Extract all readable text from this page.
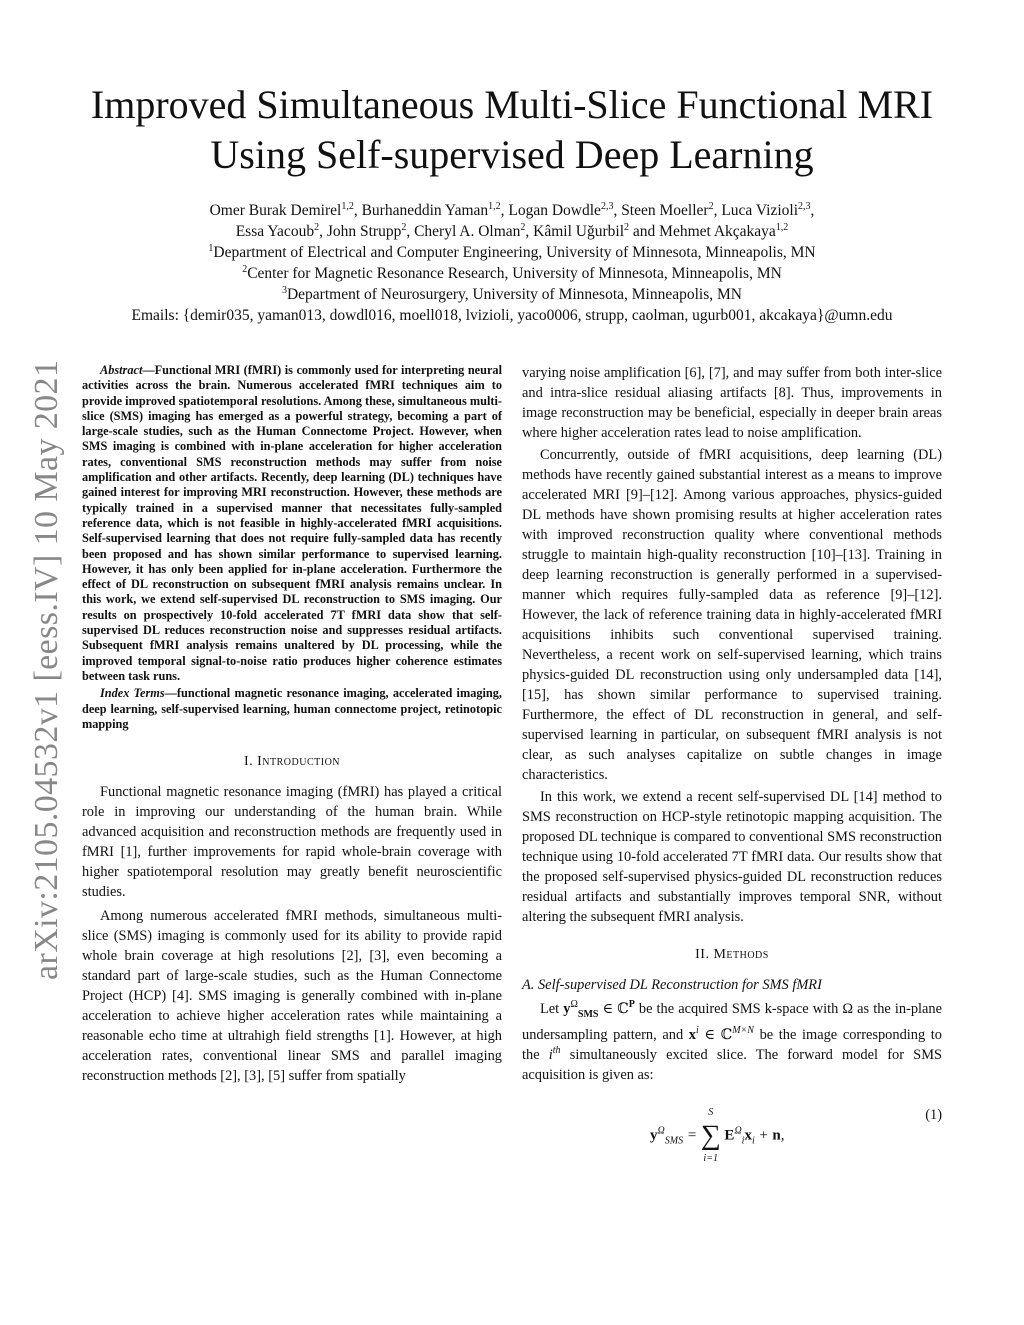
Improved Simultaneous Multi-Slice Functional MRI
Using Self-supervised Deep Learning

Omer Burak Demirel$^{1,2}$, Burhaneddin Yaman$^{1,2}$, Logan Dowdle$^{2,3}$, Steen Moeller$^2$, Luca Vizioli$^{2,3}$,

Essa Yacoub$^2$, John Strupp$^2$, Cheryl A. Olman$^2$, Kâmil Uğurbil$^2$ and Mehmet Akçakaya$^{1,2}$

$^1$Department of Electrical and Computer Engineering, University of Minnesota, Minneapolis, MN

$^2$Center for Magnetic Resonance Research, University of Minnesota, Minneapolis, MN

$^3$Department of Neurosurgery, University of Minnesota, Minneapolis, MN

Emails: {demir035, yaman013, dowdl016, moell018, lvizioli, yaco0006, strupp, caolman, ugurb001, akcakaya}@umn.edu

arXiv:2105.04532v1 [eess.IV] 10 May 2021	Abstract—Functional MRI (fMRI) is commonly used for interpreting neural activities across the brain. Numerous accelerated fMRI techniques aim to provide improved spatiotemporal resolutions. Among these, simultaneous multi-slice (SMS) imaging has emerged as a powerful strategy, becoming a part of large-scale studies, such as the Human Connectome Project. However, when SMS imaging is combined with in-plane acceleration for higher acceleration rates, conventional SMS reconstruction methods may suffer from noise amplification and other artifacts. Recently, deep learning (DL) techniques have gained interest for improving MRI reconstruction. However, these methods are typically trained in a supervised manner that necessitates fully-sampled reference data, which is not feasible in highly-accelerated fMRI acquisitions. Self-supervised learning that does not require fully-sampled data has recently been proposed and has shown similar performance to supervised learning. However, it has only been applied for in-plane acceleration. Furthermore the effect of DL reconstruction on subsequent fMRI analysis remains unclear. In this work, we extend self-supervised DL reconstruction to SMS imaging. Our results on prospectively 10-fold accelerated 7T fMRI data show that self-supervised DL reduces reconstruction noise and suppresses residual artifacts. Subsequent fMRI analysis remains unaltered by DL processing, while the improved temporal signal-to-noise ratio produces higher coherence estimates between task runs.

Index Terms—functional magnetic resonance imaging, accelerated imaging, deep learning, self-supervised learning, human connectome project, retinotopic mapping

I. Introduction

Functional magnetic resonance imaging (fMRI) has played a critical role in improving our understanding of the human brain. While advanced acquisition and reconstruction methods are frequently used in fMRI [1], further improvements for rapid whole-brain coverage with higher spatiotemporal resolution may greatly benefit neuroscientific studies.

Among numerous accelerated fMRI methods, simultaneous multi-slice (SMS) imaging is commonly used for its ability to provide rapid whole brain coverage at high resolutions [2], [3], even becoming a standard part of large-scale studies, such as the Human Connectome Project (HCP) [4]. SMS imaging is generally combined with in-plane acceleration to achieve higher acceleration rates while maintaining a reasonable echo time at ultrahigh field strengths [1]. However, at high acceleration rates, conventional linear SMS and parallel imaging reconstruction methods [2], [3], [5] suffer from spatially

varying noise amplification [6], [7], and may suffer from both inter-slice and intra-slice residual aliasing artifacts [8]. Thus, improvements in image reconstruction may be beneficial, especially in deeper brain areas where higher acceleration rates lead to noise amplification.

Concurrently, outside of fMRI acquisitions, deep learning (DL) methods have recently gained substantial interest as a means to improve accelerated MRI [9]–[12]. Among various approaches, physics-guided DL methods have shown promising results at higher acceleration rates with improved reconstruction quality where conventional methods struggle to maintain high-quality reconstruction [10]–[13]. Training in deep learning reconstruction is generally performed in a supervised-manner which requires fully-sampled data as reference [9]–[12]. However, the lack of reference training data in highly-accelerated fMRI acquisitions inhibits such conventional supervised training. Nevertheless, a recent work on self-supervised learning, which trains physics-guided DL reconstruction using only undersampled data [14], [15], has shown similar performance to supervised training. Furthermore, the effect of DL reconstruction in general, and self-supervised learning in particular, on subsequent fMRI analysis is not clear, as such analyses capitalize on subtle changes in image characteristics.

In this work, we extend a recent self-supervised DL [14] method to SMS reconstruction on HCP-style retinotopic mapping acquisition. The proposed DL technique is compared to conventional SMS reconstruction technique using 10-fold accelerated 7T fMRI data. Our results show that the proposed self-supervised physics-guided DL reconstruction reduces residual artifacts and substantially improves temporal SNR, without altering the subsequent fMRI analysis.

II. Methods
A. Self-supervised DL Reconstruction for SMS fMRI

Let $y^\Omega_{SMS}$ ∈ ℂ$^P$ be the acquired SMS k-space with Ω as the in-plane undersampling pattern, and $x^i$ ∈ ℂ$^{M\times N}$ be the image corresponding to the $i^{th}$ simultaneously excited slice. The forward model for SMS acquisition is given as:

$y^\Omega_{SMS}$ =
S
∑
i=1
$E^\Omega_ix_i + n$,
(1)
